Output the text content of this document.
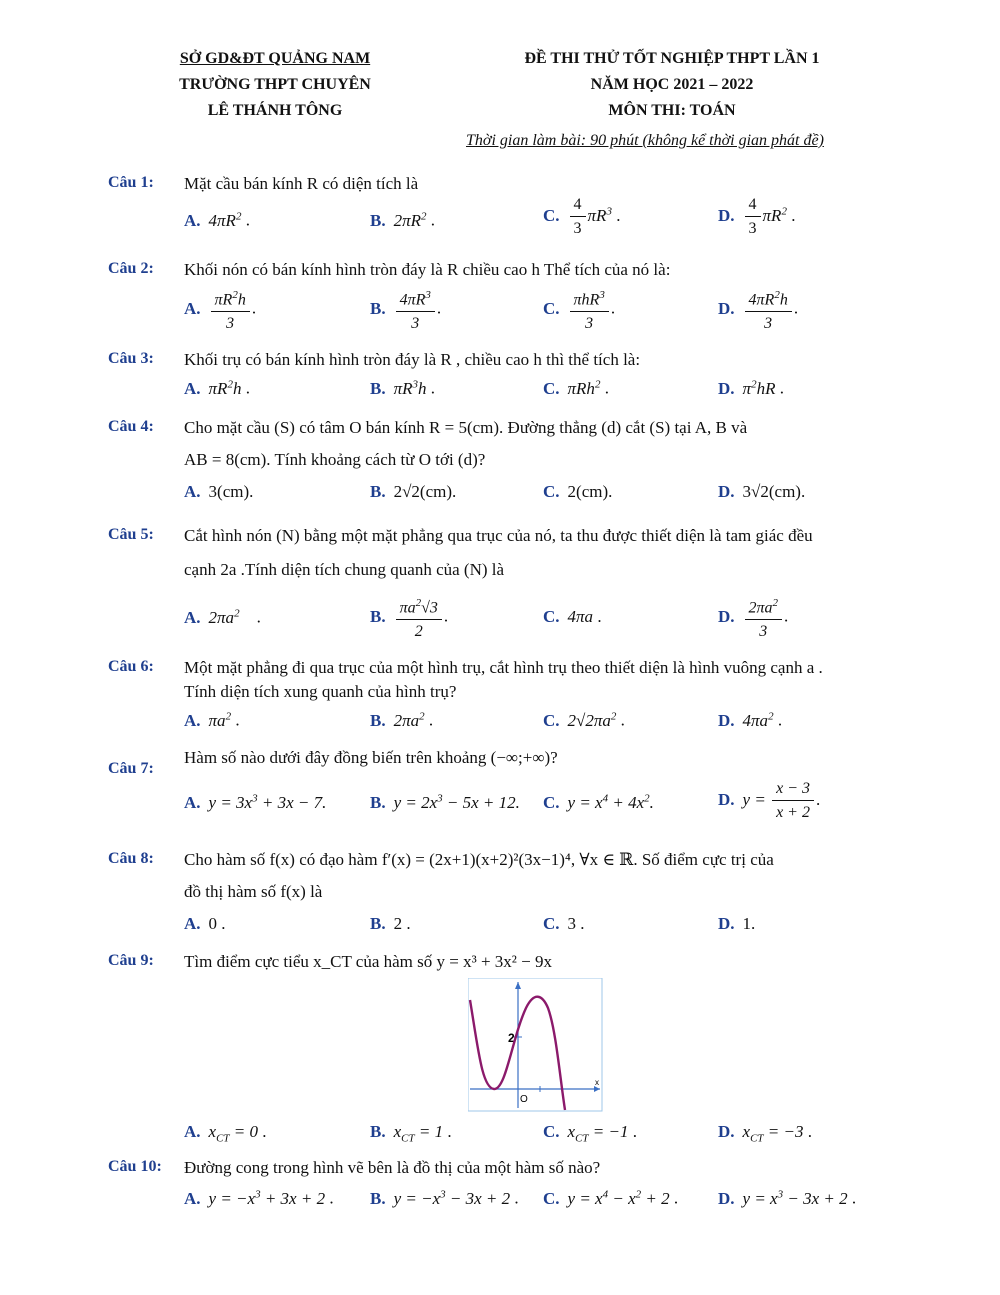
SỞ GD&ĐT QUẢNG NAM
TRƯỜNG THPT CHUYÊN
LÊ THÁNH TÔNG
ĐỀ THI THỬ TỐT NGHIỆP THPT LẦN 1
NĂM HỌC 2021 – 2022
MÔN THI: TOÁN
Thời gian làm bài: 90 phút (không kể thời gian phát đề)
Câu 1: Mặt cầu bán kính R có diện tích là
A. $4\pi R^2$ .	B. $2\pi R^2$ .	C. $\frac{4}{3} \pi R^3$ .	D. $\frac{4}{3} \pi R^2$ .
Câu 2: Khối nón có bán kính hình tròn đáy là R chiều cao h Thể tích của nó là:
A. $\frac{\pi R^2h}{3}$ .	B. $\frac{4\pi R^3}{3}$ .	C. $\frac{\pi hR^3}{3}$ .	D. $\frac{4\pi R^2h}{3}$ .
Câu 3: Khối trụ có bán kính hình tròn đáy là R , chiều cao h thì thể tích là:
A. $\pi R^2h$ .	B. $\pi R^3h$ .	C. πRh$^2$ .	D. $\pi^2hR$ .
Câu 4: Cho mặt cầu (S) có tâm O bán kính R = 5(cm). Đường thẳng (d) cắt (S) tại A, B và
AB = 8(cm). Tính khoảng cách từ O tới (d)?
A. 3(cm).	B. 2√2(cm).	C. 2(cm).	D. 3√2(cm).
Câu 5: Cắt hình nón (N) bằng một mặt phẳng qua trục của nó, ta thu được thiết diện là tam giác đều
cạnh 2a .Tính diện tích chung quanh của (N) là
A. $2\pi a^2$    .	B. $\frac{\pi a^2√3}{2}$ .	C. 4πa .	D. $\frac{2\pi a^2}{3}$ .
Câu 6: Một mặt phẳng đi qua trục của một hình trụ, cắt hình trụ theo thiết diện là hình vuông cạnh a .
Tính diện tích xung quanh của hình trụ?
A. $\pi a^2$ .	B. $2\pi a^2$ .	C. $2√2\pi a^2$ .	D. $4\pi a^2$ .
Câu 7:
Hàm số nào dưới đây đồng biến trên khoảng (−∞;+∞)?
A. $y = 3x^3 + 3x - 7$.	B. $y = 2x^3 - 5x + 12$. C. $y = x^4 + 4x^2$.	D. $y = \frac{x - 3}{x + 2}$ .
Câu 8: Cho hàm số f(x) có đạo hàm f′(x) = (2x+1)(x+2)²(3x−1)⁴, ∀x ∈ ℝ. Số điểm cực trị của
đồ thị hàm số f(x) là
A. 0 .	B. 2 .	C. 3 .	D. 1.
Câu 9: Tìm điểm cực tiểu x_CT của hàm số y = x³ + 3x² − 9x
2
O
x
A. $x_{CT} = 0$ .	B. $x_{CT} = 1$ .	C. $x_{CT} = -1$ .	D. $x_{CT} = -3$ .
Câu 10: Đường cong trong hình vẽ bên là đồ thị của một hàm số nào?
A. $y = -x^3 + 3x + 2$ . B. $y = -x^3 - 3x + 2$ . C. $y = x^4 - x^2 + 2$ . D. $y = x^3 - 3x + 2$ .
